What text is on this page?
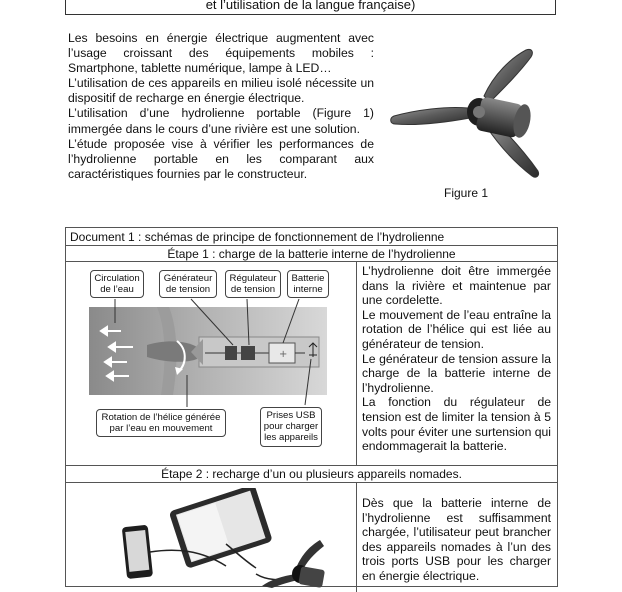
et l’utilisation de la langue française)

Les besoins en énergie électrique augmentent avec l’usage croissant des équipements mobiles : Smartphone, tablette numérique, lampe à LED…

L’utilisation de ces appareils en milieu isolé nécessite un dispositif de recharge en énergie électrique.

L’utilisation d’une hydrolienne portable (Figure 1) immergée dans le cours d’une rivière est une solution.

L’étude proposée vise à vérifier les performances de l’hydrolienne portable en les comparant aux caractéristiques fournies par le constructeur.

Figure 1
Document 1 : schémas de principe de fonctionnement de l’hydrolienne
Étape 1 : charge de la batterie interne de l’hydrolienne
+
Circulation de l’eau
Générateur de tension
Régulateur de tension
Batterie interne
Rotation de l’hélice générée par l’eau en mouvement
Prises USB pour charger les appareils

L’hydrolienne doit être immergée dans la rivière et maintenue par une cordelette.

Le mouvement de l’eau entraîne la rotation de l’hélice qui est liée au générateur de tension.

Le générateur de tension assure la charge de la batterie interne de l’hydrolienne.

La fonction du régulateur de tension est de limiter la tension à 5 volts pour éviter une surtension qui endommagerait la batterie.

Étape 2 : recharge d’un ou plusieurs appareils nomades.

Dès que la batterie interne de l’hydrolienne est suffisamment chargée, l’utilisateur peut brancher des appareils nomades à l’un des trois ports USB pour les charger en énergie électrique.
